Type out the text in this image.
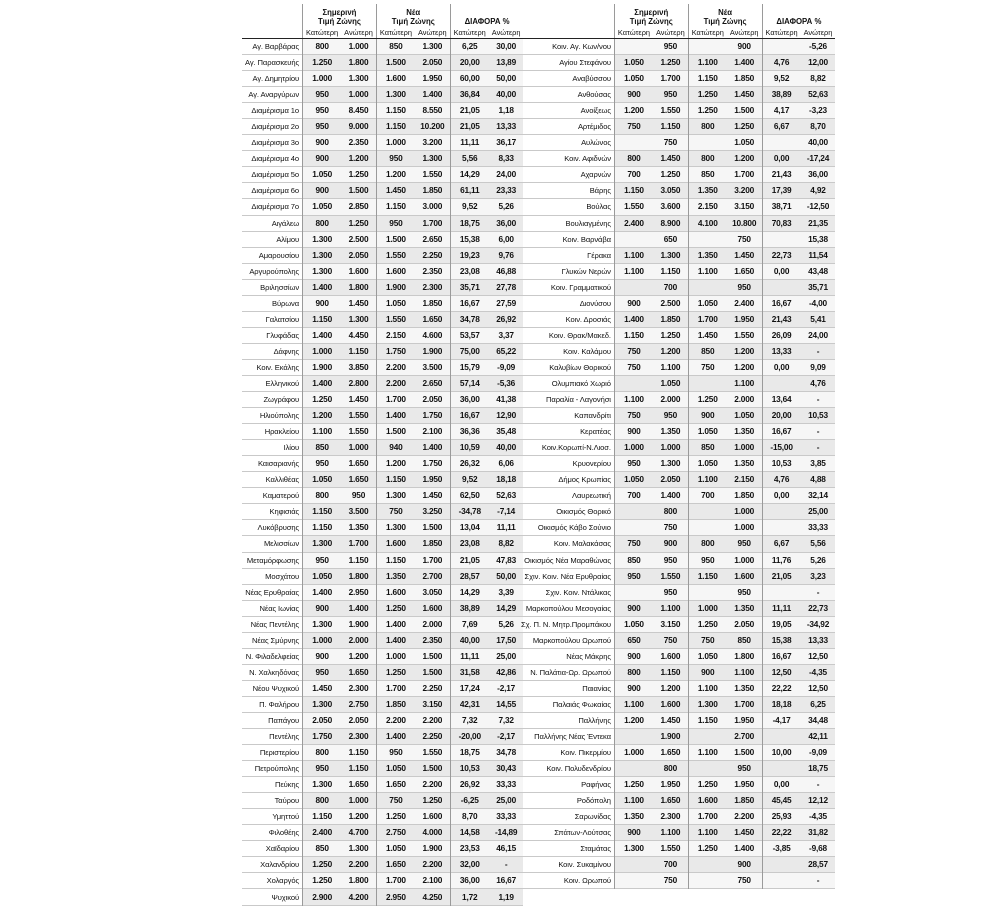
	Σημερινή
Τιμή Ζώνης		Νέα
Τιμή Ζώνης		ΔΙΑΦΟΡΑ %	
	Κατώτερη	Ανώτερη	Κατώτερη	Ανώτερη	Κατώτερη	Ανώτερη
Αγ. Βαρβάρας	800	1.000	850	1.300	6,25	30,00
Αγ. Παρασκευής	1.250	1.800	1.500	2.050	20,00	13,89
Αγ. Δημητρίου	1.000	1.300	1.600	1.950	60,00	50,00
Αγ. Αναργύρων	950	1.000	1.300	1.400	36,84	40,00
Διαμέρισμα 1ο	950	8.450	1.150	8.550	21,05	1,18
Διαμέρισμα 2ο	950	9.000	1.150	10.200	21,05	13,33
Διαμέρισμα 3ο	900	2.350	1.000	3.200	11,11	36,17
Διαμέρισμα 4ο	900	1.200	950	1.300	5,56	8,33
Διαμέρισμα 5ο	1.050	1.250	1.200	1.550	14,29	24,00
Διαμέρισμα 6ο	900	1.500	1.450	1.850	61,11	23,33
Διαμέρισμα 7ο	1.050	2.850	1.150	3.000	9,52	5,26
Αιγάλεω	800	1.250	950	1.700	18,75	36,00
Αλίμου	1.300	2.500	1.500	2.650	15,38	6,00
Αμαρουσίου	1.300	2.050	1.550	2.250	19,23	9,76
Αργυρούπολης	1.300	1.600	1.600	2.350	23,08	46,88
Βριλησσίων	1.400	1.800	1.900	2.300	35,71	27,78
Βύρωνα	900	1.450	1.050	1.850	16,67	27,59
Γαλατσίου	1.150	1.300	1.550	1.650	34,78	26,92
Γλυφάδας	1.400	4.450	2.150	4.600	53,57	3,37
Δάφνης	1.000	1.150	1.750	1.900	75,00	65,22
Κοιν. Εκάλης	1.900	3.850	2.200	3.500	15,79	-9,09
Ελληνικού	1.400	2.800	2.200	2.650	57,14	-5,36
Ζωγράφου	1.250	1.450	1.700	2.050	36,00	41,38
Ηλιούπολης	1.200	1.550	1.400	1.750	16,67	12,90
Ηρακλείου	1.100	1.550	1.500	2.100	36,36	35,48
Ιλίου	850	1.000	940	1.400	10,59	40,00
Καισαριανής	950	1.650	1.200	1.750	26,32	6,06
Καλλιθέας	1.050	1.650	1.150	1.950	9,52	18,18
Καματερού	800	950	1.300	1.450	62,50	52,63
Κηφισιάς	1.150	3.500	750	3.250	-34,78	-7,14
Λυκόβρυσης	1.150	1.350	1.300	1.500	13,04	11,11
Μελισσίων	1.300	1.700	1.600	1.850	23,08	8,82
Μεταμόρφωσης	950	1.150	1.150	1.700	21,05	47,83
Μοσχάτου	1.050	1.800	1.350	2.700	28,57	50,00
Νέας Ερυθραίας	1.400	2.950	1.600	3.050	14,29	3,39
Νέας Ιωνίας	900	1.400	1.250	1.600	38,89	14,29
Νέας Πεντέλης	1.300	1.900	1.400	2.000	7,69	5,26
Νέας Σμύρνης	1.000	2.000	1.400	2.350	40,00	17,50
Ν. Φιλαδελφείας	900	1.200	1.000	1.500	11,11	25,00
Ν. Χαλκηδόνας	950	1.650	1.250	1.500	31,58	42,86
Νέου Ψυχικού	1.450	2.300	1.700	2.250	17,24	-2,17
Π. Φαλήρου	1.300	2.750	1.850	3.150	42,31	14,55
Παπάγου	2.050	2.050	2.200	2.200	7,32	7,32
Πεντέλης	1.750	2.300	1.400	2.250	-20,00	-2,17
Περιστερίου	800	1.150	950	1.550	18,75	34,78
Πετρούπολης	950	1.150	1.050	1.500	10,53	30,43
Πεύκης	1.300	1.650	1.650	2.200	26,92	33,33
Ταύρου	800	1.000	750	1.250	-6,25	25,00
Υμηττού	1.150	1.200	1.250	1.600	8,70	33,33
Φιλοθέης	2.400	4.700	2.750	4.000	14,58	-14,89
Χαϊδαρίου	850	1.300	1.050	1.900	23,53	46,15
Χαλανδρίου	1.250	2.200	1.650	2.200	32,00	-
Χολαργός	1.250	1.800	1.700	2.100	36,00	16,67
Ψυχικού	2.900	4.200	2.950	4.250	1,72	1,19
	Σημερινή
Τιμή Ζώνης		Νέα
Τιμή Ζώνης		ΔΙΑΦΟΡΑ %	
	Κατώτερη	Ανώτερη	Κατώτερη	Ανώτερη	Κατώτερη	Ανώτερη
Κοιν. Αγ. Κων/νου		950		900		-5,26
Αγίου Στεφάνου	1.050	1.250	1.100	1.400	4,76	12,00
Αναβύσσου	1.050	1.700	1.150	1.850	9,52	8,82
Ανθούσας	900	950	1.250	1.450	38,89	52,63
Ανοίξεως	1.200	1.550	1.250	1.500	4,17	-3,23
Αρτέμιδος	750	1.150	800	1.250	6,67	8,70
Αυλώνος		750		1.050		40,00
Κοιν. Αφιδνών	800	1.450	800	1.200	0,00	-17,24
Αχαρνών	700	1.250	850	1.700	21,43	36,00
Βάρης	1.150	3.050	1.350	3.200	17,39	4,92
Βούλας	1.550	3.600	2.150	3.150	38,71	-12,50
Βουλιαγμένης	2.400	8.900	4.100	10.800	70,83	21,35
Κοιν. Βαρνάβα		650		750		15,38
Γέρακα	1.100	1.300	1.350	1.450	22,73	11,54
Γλυκών Νερών	1.100	1.150	1.100	1.650	0,00	43,48
Κοιν. Γραμματικού		700		950		35,71
Διονύσου	900	2.500	1.050	2.400	16,67	-4,00
Κοιν. Δροσιάς	1.400	1.850	1.700	1.950	21,43	5,41
Κοιν. Θρακ/Μακεδ.	1.150	1.250	1.450	1.550	26,09	24,00
Κοιν. Καλάμου	750	1.200	850	1.200	13,33	-
Καλυβίων Θορικού	750	1.100	750	1.200	0,00	9,09
Ολυμπιακό Χωριό		1.050		1.100		4,76
Παραλία - Λαγονήσι	1.100	2.000	1.250	2.000	13,64	-
Καπανδρίτι	750	950	900	1.050	20,00	10,53
Κερατέας	900	1.350	1.050	1.350	16,67	-
Κοιν.Κορωπί-Ν.Λιοσ.	1.000	1.000	850	1.000	-15,00	-
Κρυονερίου	950	1.300	1.050	1.350	10,53	3,85
Δήμος Κρωπίας	1.050	2.050	1.100	2.150	4,76	4,88
Λαυρεωτική	700	1.400	700	1.850	0,00	32,14
Οικισμός Θορικό		800		1.000		25,00
Οικισμός Κάβο Σούνιο		750		1.000		33,33
Κοιν. Μαλακάσας	750	900	800	950	6,67	5,56
Οικισμός Νέα Μαραθώνας	850	950	950	1.000	11,76	5,26
Σχιν. Κοιν. Νέα Ερυθραίας	950	1.550	1.150	1.600	21,05	3,23
Σχιν. Κοιν. Ντάλικας		950		950		-
Μαρκοπούλου Μεσογαίας	900	1.100	1.000	1.350	11,11	22,73
Σχ. Π. Ν. Μητρ.Προμπάκου	1.050	3.150	1.250	2.050	19,05	-34,92
Μαρκοπούλου Ωρωπού	650	750	750	850	15,38	13,33
Νέας Μάκρης	900	1.600	1.050	1.800	16,67	12,50
Ν. Παλάτια-Ωρ. Ωρωπού	800	1.150	900	1.100	12,50	-4,35
Παιανίας	900	1.200	1.100	1.350	22,22	12,50
Παλαιάς Φωκαίας	1.100	1.600	1.300	1.700	18,18	6,25
Παλλήνης	1.200	1.450	1.150	1.950	-4,17	34,48
Παλλήνης Νέας Έντεκα		1.900		2.700		42,11
Κοιν. Πικερμίου	1.000	1.650	1.100	1.500	10,00	-9,09
Κοιν. Πολυδενδρίου		800		950		18,75
Ραφήνας	1.250	1.950	1.250	1.950	0,00	-
Ροδόπολη	1.100	1.650	1.600	1.850	45,45	12,12
Σαρωνίδας	1.350	2.300	1.700	2.200	25,93	-4,35
Σπάτων-Λούτσας	900	1.100	1.100	1.450	22,22	31,82
Σταμάτας	1.300	1.550	1.250	1.400	-3,85	-9,68
Κοιν. Συκαμίνου		700		900		28,57
Κοιν. Ωρωπού		750		750		-
